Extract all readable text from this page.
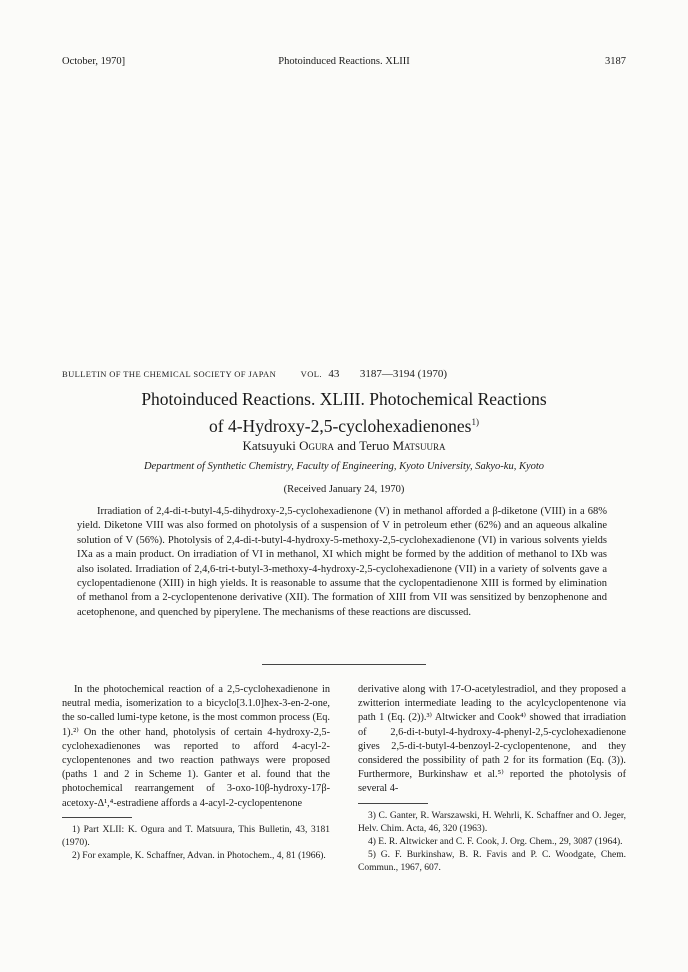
October, 1970]	Photoinduced Reactions. XLIII	3187
BULLETIN OF THE CHEMICAL SOCIETY OF JAPAN	VOL. 43 3187—3194 (1970)
Photoinduced Reactions. XLIII. Photochemical Reactions
of 4-Hydroxy-2,5-cyclohexadienones$^{1)}$
Katsuyuki Ogura and Teruo Matsuura
Department of Synthetic Chemistry, Faculty of Engineering, Kyoto University, Sakyo-ku, Kyoto
(Received January 24, 1970)

Irradiation of 2,4-di-t-butyl-4,5-dihydroxy-2,5-cyclohexadienone (V) in methanol afforded a β-diketone (VIII) in a 68% yield. Diketone VIII was also formed on photolysis of a suspension of V in petroleum ether (62%) and an aqueous alkaline solution of V (56%). Photolysis of 2,4-di-t-butyl-4-hydroxy-5-methoxy-2,5-cyclohexadienone (VI) in various solvents yields IXa as a main product. On irradiation of VI in methanol, XI which might be formed by the addition of methanol to IXb was also isolated. Irradiation of 2,4,6-tri-t-butyl-3-methoxy-4-hydroxy-2,5-cyclohexadienone (VII) in a variety of solvents gave a cyclopentadienone (XIII) in high yields. It is reasonable to assume that the cyclopentadienone XIII is formed by elimination of methanol from a 2-cyclopentenone derivative (XII). The formation of XIII from VII was sensitized by benzophenone and acetophenone, and quenched by piperylene. The mechanisms of these reactions are discussed.

In the photochemical reaction of a 2,5-cyclohexadienone in neutral media, isomerization to a bicyclo[3.1.0]hex-3-en-2-one, the so-called lumi-type ketone, is the most common process (Eq. 1).²⁾ On the other hand, photolysis of certain 4-hydroxy-2,5-cyclohexadienones was reported to afford 4-acyl-2-cyclopentenones and two reaction pathways were proposed (paths 1 and 2 in Scheme 1). Ganter et al. found that the photochemical rearrangement of 3-oxo-10β-hydroxy-17β-acetoxy-Δ¹,⁴-estradiene affords a 4-acyl-2-cyclopentenone

1) Part XLII: K. Ogura and T. Matsuura, This Bulletin, 43, 3181 (1970).

2) For example, K. Schaffner, Advan. in Photochem., 4, 81 (1966).

derivative along with 17-O-acetylestradiol, and they proposed a zwitterion intermediate leading to the acylcyclopentenone via path 1 (Eq. (2)).³⁾ Altwicker and Cook⁴⁾ showed that irradiation of 2,6-di-t-butyl-4-hydroxy-4-phenyl-2,5-cyclohexadienone gives 2,5-di-t-butyl-4-benzoyl-2-cyclopentenone, and they considered the possibility of path 2 for its formation (Eq. (3)). Furthermore, Burkinshaw et al.⁵⁾ reported the photolysis of several 4-

3) C. Ganter, R. Warszawski, H. Wehrli, K. Schaffner and O. Jeger, Helv. Chim. Acta, 46, 320 (1963).

4) E. R. Altwicker and C. F. Cook, J. Org. Chem., 29, 3087 (1964).

5) G. F. Burkinshaw, B. R. Favis and P. C. Woodgate, Chem. Commun., 1967, 607.
